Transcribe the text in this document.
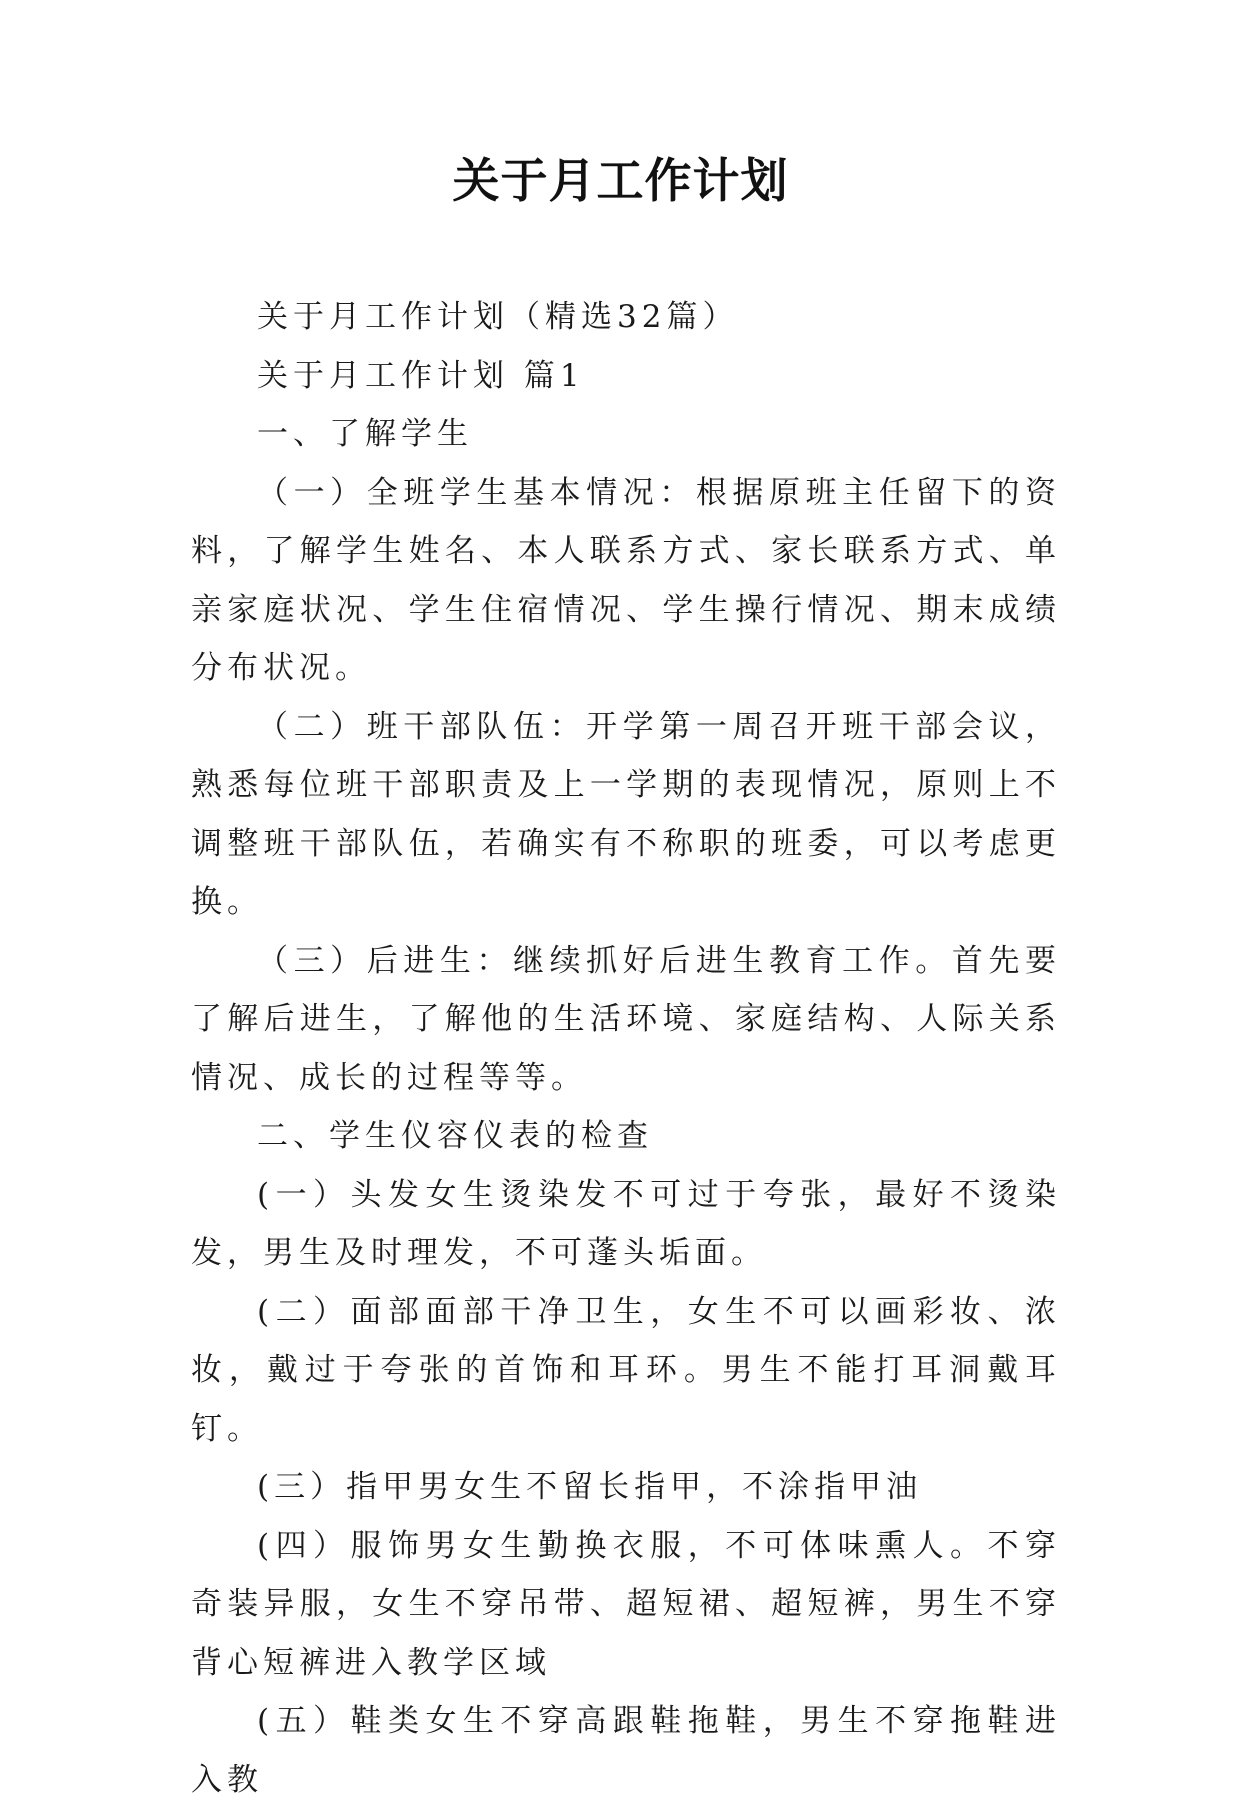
关于月工作计划

关于月工作计划（精选32篇）

关于月工作计划 篇1

一、了解学生

（一）全班学生基本情况：根据原班主任留下的资料，了解学生姓名、本人联系方式、家长联系方式、单亲家庭状况、学生住宿情况、学生操行情况、期末成绩分布状况。

（二）班干部队伍：开学第一周召开班干部会议，熟悉每位班干部职责及上一学期的表现情况，原则上不调整班干部队伍，若确实有不称职的班委，可以考虑更换。

（三）后进生：继续抓好后进生教育工作。首先要了解后进生，了解他的生活环境、家庭结构、人际关系情况、成长的过程等等。

二、学生仪容仪表的检查

(一）头发女生烫染发不可过于夸张，最好不烫染发，男生及时理发，不可蓬头垢面。

(二）面部面部干净卫生，女生不可以画彩妆、浓妆，戴过于夸张的首饰和耳环。男生不能打耳洞戴耳钉。

(三）指甲男女生不留长指甲，不涂指甲油

(四）服饰男女生勤换衣服，不可体味熏人。不穿奇装异服，女生不穿吊带、超短裙、超短裤，男生不穿背心短裤进入教学区域

(五）鞋类女生不穿高跟鞋拖鞋，男生不穿拖鞋进入教
